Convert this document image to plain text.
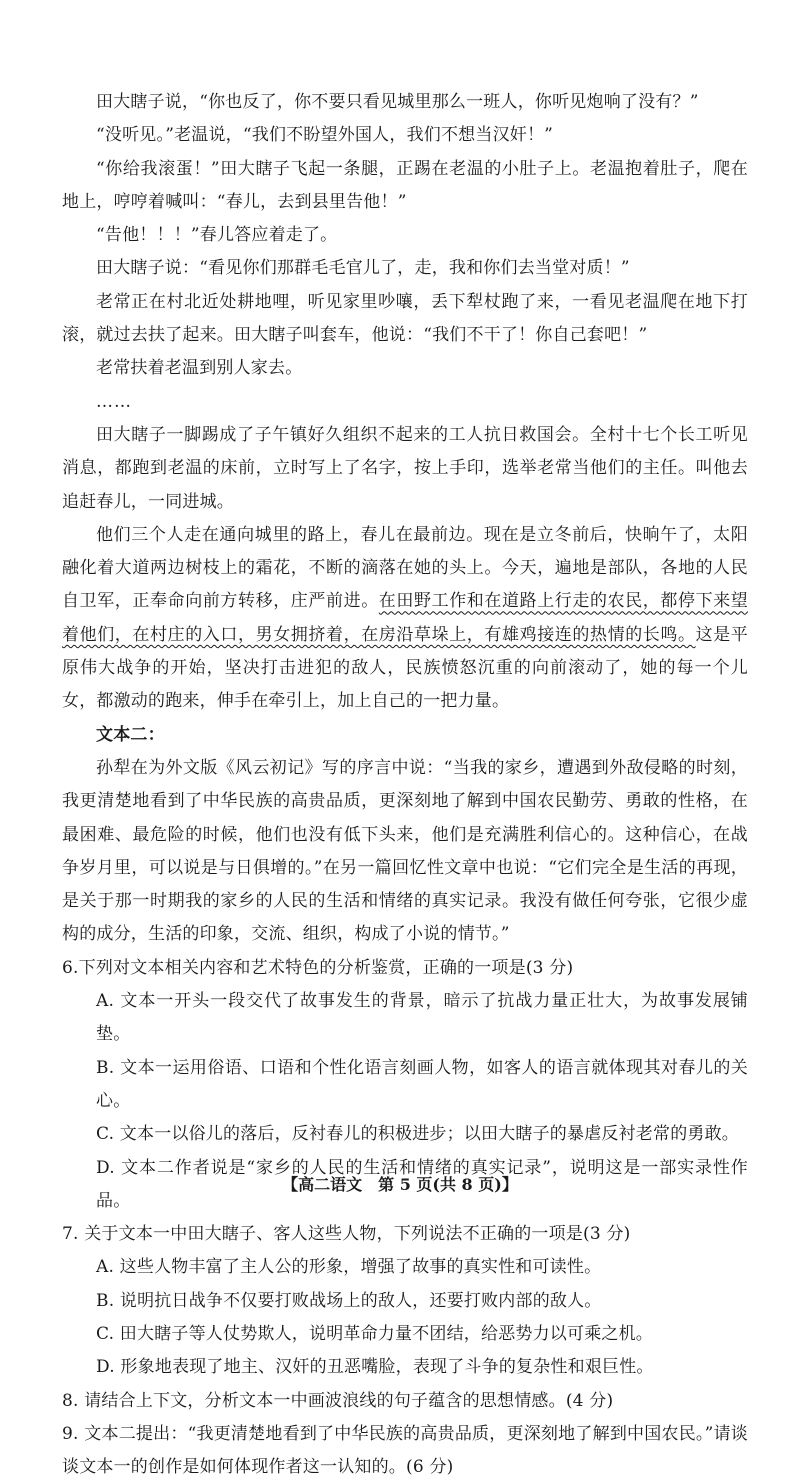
田大瞎子说，“你也反了，你不要只看见城里那么一班人，你听见炮响了没有？”

“没听见。”老温说，“我们不盼望外国人，我们不想当汉奸！”

“你给我滚蛋！”田大瞎子飞起一条腿，正踢在老温的小肚子上。老温抱着肚子，爬在地上，哼哼着喊叫：“春儿，去到县里告他！”

“告他！！！”春儿答应着走了。

田大瞎子说：“看见你们那群毛毛官儿了，走，我和你们去当堂对质！”

老常正在村北近处耕地哩，听见家里吵嚷，丢下犁杖跑了来，一看见老温爬在地下打滚，就过去扶了起来。田大瞎子叫套车，他说：“我们不干了！你自己套吧！”

老常扶着老温到别人家去。

……

田大瞎子一脚踢成了子午镇好久组织不起来的工人抗日救国会。全村十七个长工听见消息，都跑到老温的床前，立时写上了名字，按上手印，选举老常当他们的主任。叫他去追赶春儿，一同进城。

他们三个人走在通向城里的路上，春儿在最前边。现在是立冬前后，快晌午了，太阳融化着大道两边树枝上的霜花，不断的滴落在她的头上。今天，遍地是部队，各地的人民自卫军，正奉命向前方转移，庄严前进。在田野工作和在道路上行走的农民，都停下来望着他们，在村庄的入口，男女拥挤着，在房沿草垛上，有雄鸡接连的热情的长鸣。这是平原伟大战争的开始，坚决打击进犯的敌人，民族愤怒沉重的向前滚动了，她的每一个儿女，都激动的跑来，伸手在牵引上，加上自己的一把力量。

文本二：

孙犁在为外文版《风云初记》写的序言中说：“当我的家乡，遭遇到外敌侵略的时刻，我更清楚地看到了中华民族的高贵品质，更深刻地了解到中国农民勤劳、勇敢的性格，在最困难、最危险的时候，他们也没有低下头来，他们是充满胜利信心的。这种信心，在战争岁月里，可以说是与日俱增的。”在另一篇回忆性文章中也说：“它们完全是生活的再现，是关于那一时期我的家乡的人民的生活和情绪的真实记录。我没有做任何夸张，它很少虚构的成分，生活的印象，交流、组织，构成了小说的情节。”

6.下列对文本相关内容和艺术特色的分析鉴赏，正确的一项是(3 分)

A. 文本一开头一段交代了故事发生的背景，暗示了抗战力量正壮大，为故事发展铺垫。

B. 文本一运用俗语、口语和个性化语言刻画人物，如客人的语言就体现其对春儿的关心。

C. 文本一以俗儿的落后，反衬春儿的积极进步；以田大瞎子的暴虐反衬老常的勇敢。

D. 文本二作者说是“家乡的人民的生活和情绪的真实记录”，说明这是一部实录性作品。

7. 关于文本一中田大瞎子、客人这些人物，下列说法不正确的一项是(3 分)

A. 这些人物丰富了主人公的形象，增强了故事的真实性和可读性。

B. 说明抗日战争不仅要打败战场上的敌人，还要打败内部的敌人。

C. 田大瞎子等人仗势欺人，说明革命力量不团结，给恶势力以可乘之机。

D. 形象地表现了地主、汉奸的丑恶嘴脸，表现了斗争的复杂性和艰巨性。

8. 请结合上下文，分析文本一中画波浪线的句子蕴含的思想情感。(4 分)

9. 文本二提出：“我更清楚地看到了中华民族的高贵品质，更深刻地了解到中国农民。”请谈谈文本一的创作是如何体现作者这一认知的。(6 分)

【高二语文　第 5 页(共 8 页)】
